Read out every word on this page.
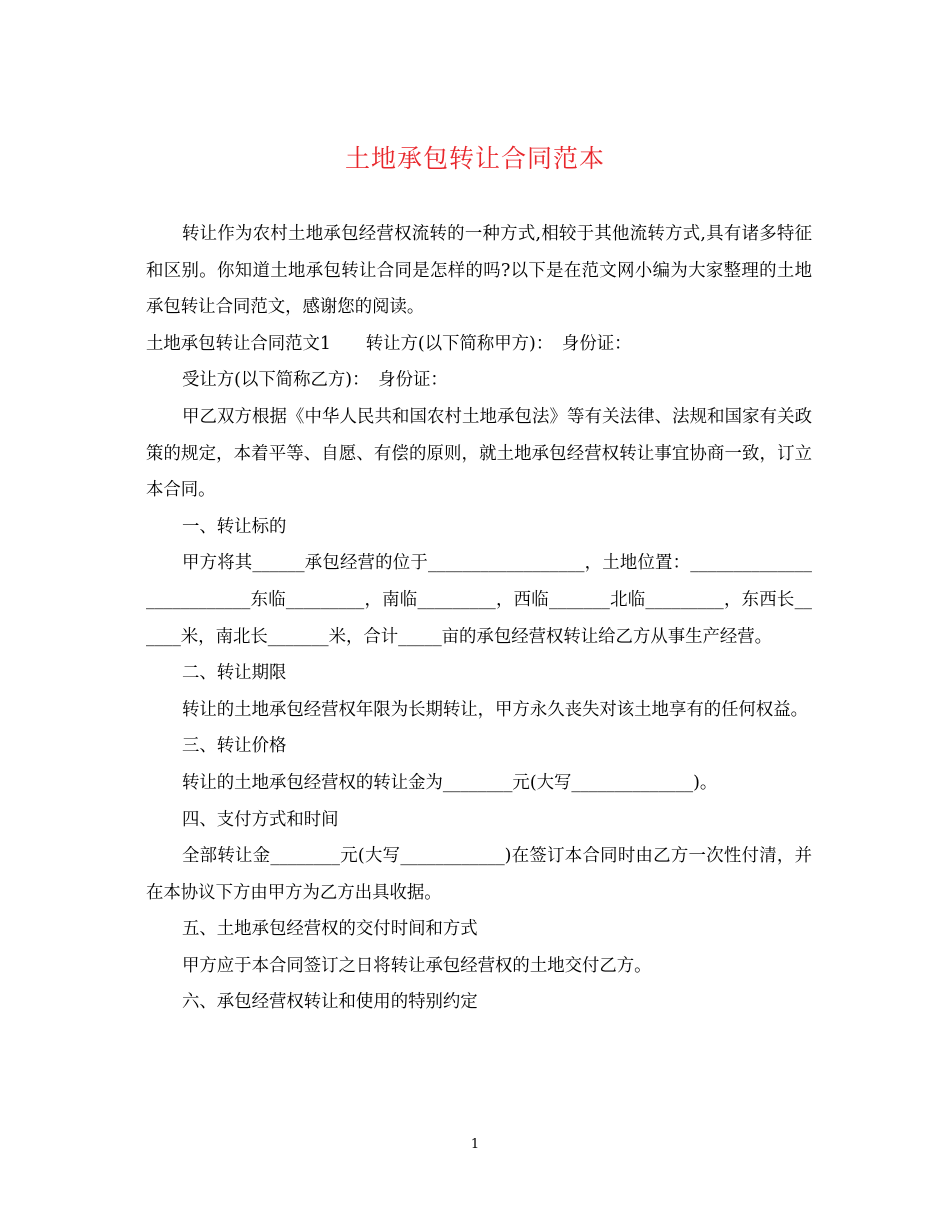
土地承包转让合同范本

转让作为农村土地承包经营权流转的一种方式,相较于其他流转方式,具有诸多特征和区别。你知道土地承包转让合同是怎样的吗?以下是在范文网小编为大家整理的土地承包转让合同范文，感谢您的阅读。

土地承包转让合同范文1　　转让方(以下简称甲方)： 身份证：

受让方(以下简称乙方)： 身份证：

甲乙双方根据《中华人民共和国农村土地承包法》等有关法律、法规和国家有关政策的规定，本着平等、自愿、有偿的原则，就土地承包经营权转让事宜协商一致，订立本合同。

一、转让标的

甲方将其______承包经营的位于__________________，土地位置：__________________________东临_________，南临_________，西临_______北临_________，东西长______米，南北长_______米，合计_____亩的承包经营权转让给乙方从事生产经营。

二、转让期限

转让的土地承包经营权年限为长期转让，甲方永久丧失对该土地享有的任何权益。

三、转让价格

转让的土地承包经营权的转让金为________元(大写______________)。

四、支付方式和时间

全部转让金________元(大写____________)在签订本合同时由乙方一次性付清，并在本协议下方由甲方为乙方出具收据。

五、土地承包经营权的交付时间和方式

甲方应于本合同签订之日将转让承包经营权的土地交付乙方。

六、承包经营权转让和使用的特别约定

1
